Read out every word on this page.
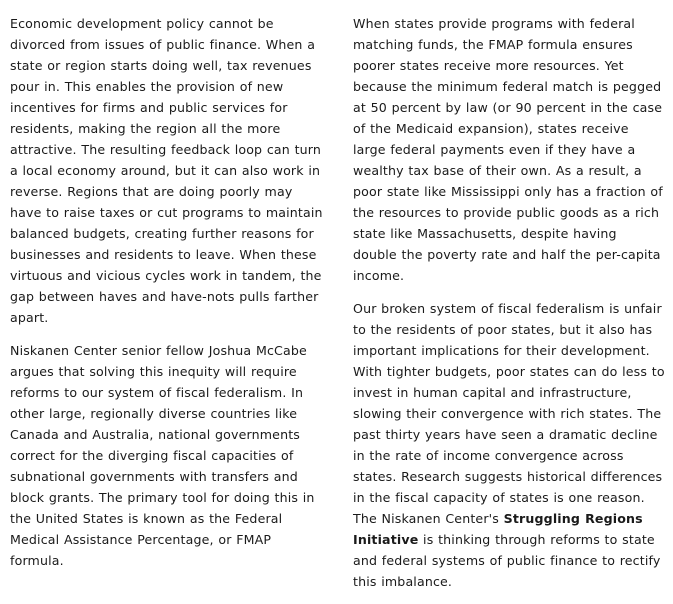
Economic development policy cannot be divorced from issues of public finance. When a state or region starts doing well, tax revenues pour in. This enables the provision of new incentives for firms and public services for residents, making the region all the more attractive. The resulting feedback loop can turn a local economy around, but it can also work in reverse. Regions that are doing poorly may have to raise taxes or cut programs to maintain balanced budgets, creating further reasons for businesses and residents to leave. When these virtuous and vicious cycles work in tandem, the gap between haves and have-nots pulls farther apart.

Niskanen Center senior fellow Joshua McCabe argues that solving this inequity will require reforms to our system of fiscal federalism. In other large, regionally diverse countries like Canada and Australia, national governments correct for the diverging fiscal capacities of subnational governments with transfers and block grants. The primary tool for doing this in the United States is known as the Federal Medical Assistance Percentage, or FMAP formula.

When states provide programs with federal matching funds, the FMAP formula ensures poorer states receive more resources. Yet because the minimum federal match is pegged at 50 percent by law (or 90 percent in the case of the Medicaid expansion), states receive large federal payments even if they have a wealthy tax base of their own. As a result, a poor state like Mississippi only has a fraction of the resources to provide public goods as a rich state like Massachusetts, despite having double the poverty rate and half the per-capita income.

Our broken system of fiscal federalism is unfair to the residents of poor states, but it also has important implications for their development. With tighter budgets, poor states can do less to invest in human capital and infrastructure, slowing their convergence with rich states. The past thirty years have seen a dramatic decline in the rate of income convergence across states. Research suggests historical differences in the fiscal capacity of states is one reason. The Niskanen Center's Struggling Regions Initiative is thinking through reforms to state and federal systems of public finance to rectify this imbalance.
